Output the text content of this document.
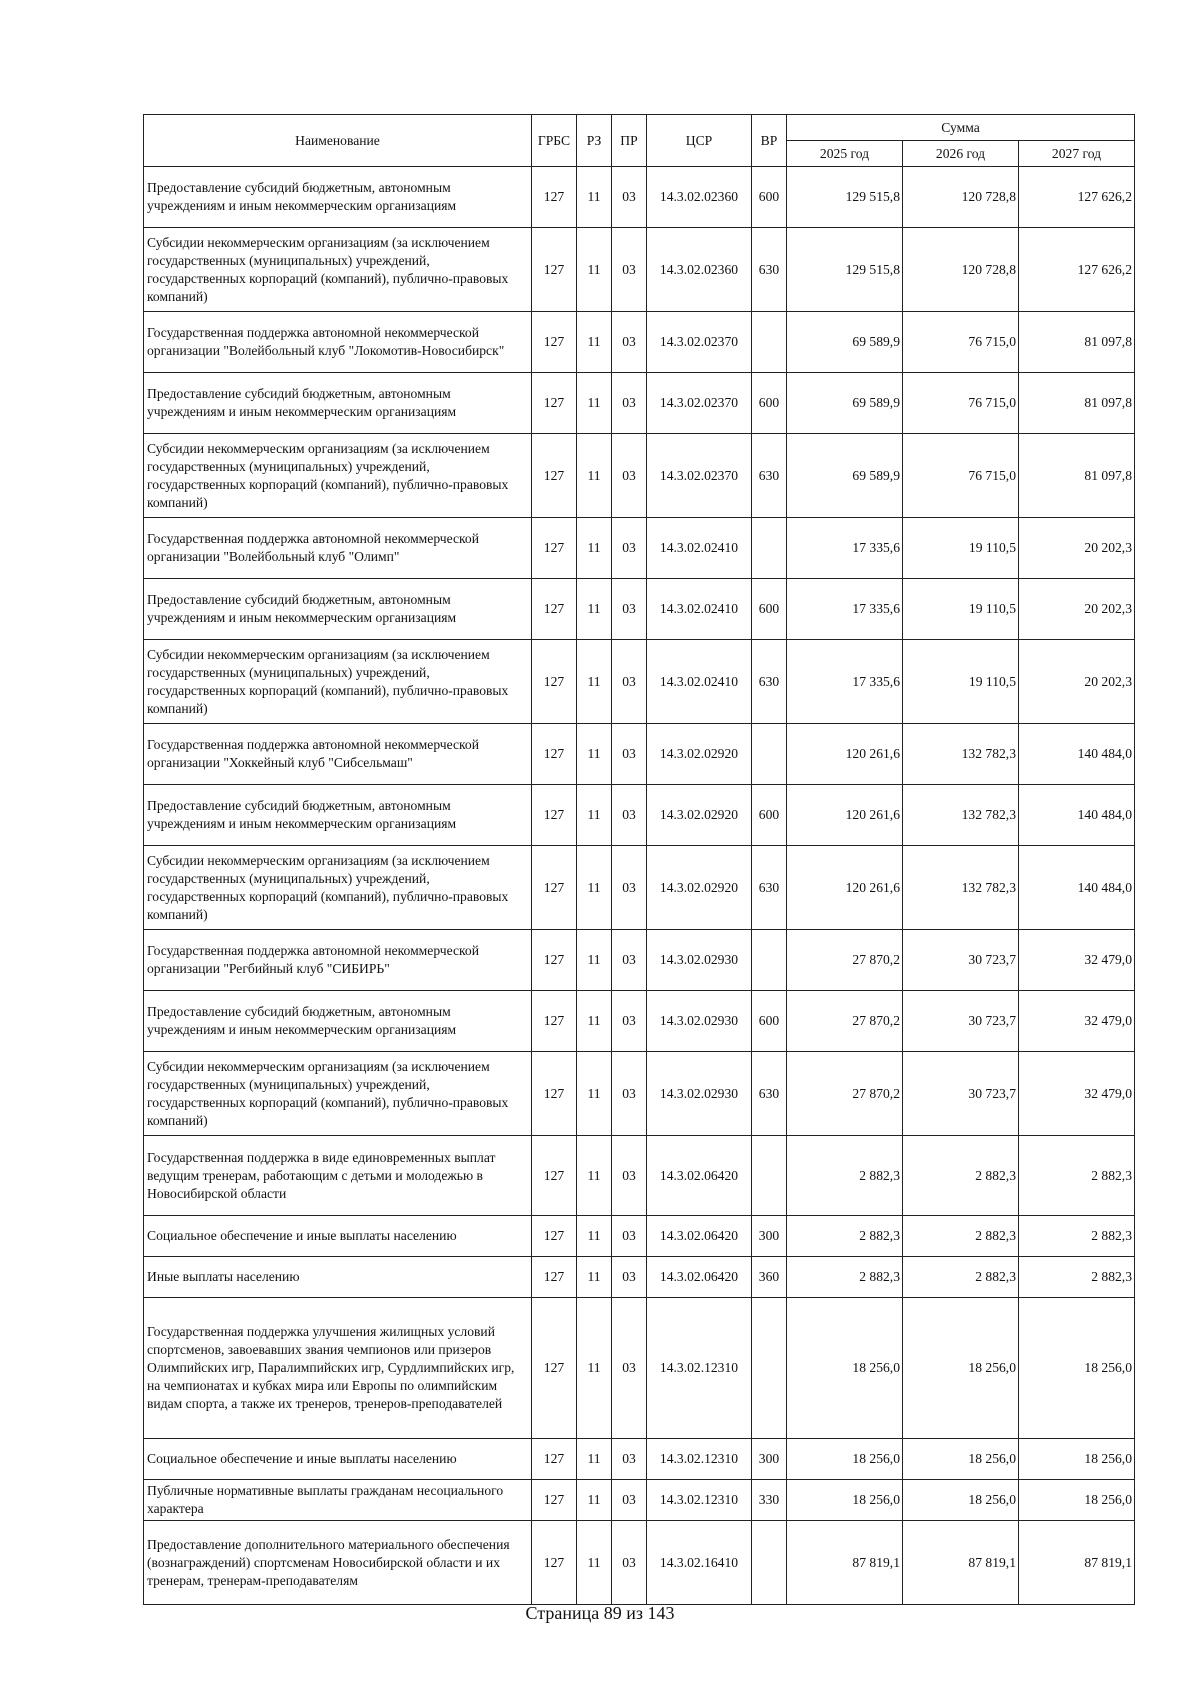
Наименование	ГРБС	РЗ	ПР	ЦСР	ВР	Сумма		
						2025 год	2026 год	2027 год
Предоставление субсидий бюджетным, автономным учреждениям и иным некоммерческим организациям	127	11	03	14.3.02.02360	600	129 515,8	120 728,8	127 626,2
Субсидии некоммерческим организациям (за исключением государственных (муниципальных) учреждений, государственных корпораций (компаний), публично-правовых компаний)	127	11	03	14.3.02.02360	630	129 515,8	120 728,8	127 626,2
Государственная поддержка автономной некоммерческой организации "Волейбольный клуб "Локомотив-Новосибирск"	127	11	03	14.3.02.02370		69 589,9	76 715,0	81 097,8
Предоставление субсидий бюджетным, автономным учреждениям и иным некоммерческим организациям	127	11	03	14.3.02.02370	600	69 589,9	76 715,0	81 097,8
Субсидии некоммерческим организациям (за исключением государственных (муниципальных) учреждений, государственных корпораций (компаний), публично-правовых компаний)	127	11	03	14.3.02.02370	630	69 589,9	76 715,0	81 097,8
Государственная поддержка автономной некоммерческой организации "Волейбольный клуб "Олимп"	127	11	03	14.3.02.02410		17 335,6	19 110,5	20 202,3
Предоставление субсидий бюджетным, автономным учреждениям и иным некоммерческим организациям	127	11	03	14.3.02.02410	600	17 335,6	19 110,5	20 202,3
Субсидии некоммерческим организациям (за исключением государственных (муниципальных) учреждений, государственных корпораций (компаний), публично-правовых компаний)	127	11	03	14.3.02.02410	630	17 335,6	19 110,5	20 202,3
Государственная поддержка автономной некоммерческой организации "Хоккейный клуб "Сибсельмаш"	127	11	03	14.3.02.02920		120 261,6	132 782,3	140 484,0
Предоставление субсидий бюджетным, автономным учреждениям и иным некоммерческим организациям	127	11	03	14.3.02.02920	600	120 261,6	132 782,3	140 484,0
Субсидии некоммерческим организациям (за исключением государственных (муниципальных) учреждений, государственных корпораций (компаний), публично-правовых компаний)	127	11	03	14.3.02.02920	630	120 261,6	132 782,3	140 484,0
Государственная поддержка автономной некоммерческой организации "Регбийный клуб "СИБИРЬ"	127	11	03	14.3.02.02930		27 870,2	30 723,7	32 479,0
Предоставление субсидий бюджетным, автономным учреждениям и иным некоммерческим организациям	127	11	03	14.3.02.02930	600	27 870,2	30 723,7	32 479,0
Субсидии некоммерческим организациям (за исключением государственных (муниципальных) учреждений, государственных корпораций (компаний), публично-правовых компаний)	127	11	03	14.3.02.02930	630	27 870,2	30 723,7	32 479,0
Государственная поддержка в виде единовременных выплат ведущим тренерам, работающим с детьми и молодежью в Новосибирской области	127	11	03	14.3.02.06420		2 882,3	2 882,3	2 882,3
Социальное обеспечение и иные выплаты населению	127	11	03	14.3.02.06420	300	2 882,3	2 882,3	2 882,3
Иные выплаты населению	127	11	03	14.3.02.06420	360	2 882,3	2 882,3	2 882,3
Государственная поддержка улучшения жилищных условий спортсменов, завоевавших звания чемпионов или призеров Олимпийских игр, Паралимпийских игр, Сурдлимпийских игр, на чемпионатах и кубках мира или Европы по олимпийским видам спорта, а также их тренеров, тренеров-преподавателей	127	11	03	14.3.02.12310		18 256,0	18 256,0	18 256,0
Социальное обеспечение и иные выплаты населению	127	11	03	14.3.02.12310	300	18 256,0	18 256,0	18 256,0
Публичные нормативные выплаты гражданам несоциального характера	127	11	03	14.3.02.12310	330	18 256,0	18 256,0	18 256,0
Предоставление дополнительного материального обеспечения (вознаграждений) спортсменам Новосибирской области и их тренерам, тренерам-преподавателям	127	11	03	14.3.02.16410		87 819,1	87 819,1	87 819,1
Страница 89 из 143
